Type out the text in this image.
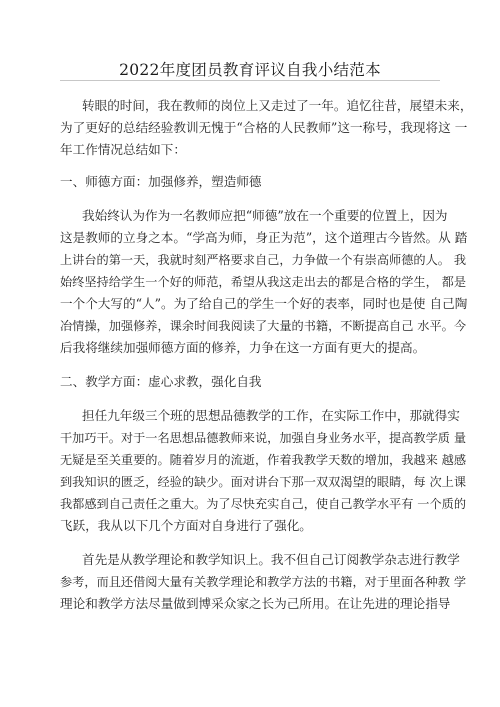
2022年度团员教育评议自我小结范本
转眼的时间，我在教师的岗位上又走过了一年。追忆往昔，展望未来，
为了更好的总结经验教训无愧于“合格的人民教师”这一称号，我现将这 一
年工作情况总结如下：
一、师德方面：加强修养，塑造师德
我始终认为作为一名教师应把“师德”放在一个重要的位置上，因为
这是教师的立身之本。“学高为师，身正为范”，这个道理古今皆然。从 踏
上讲台的第一天，我就时刻严格要求自己，力争做一个有崇高师德的人。 我
始终坚持给学生一个好的师范，希望从我这走出去的都是合格的学生， 都是
一个个大写的“人”。为了给自己的学生一个好的表率，同时也是使 自己陶
冶情操，加强修养，课余时间我阅读了大量的书籍，不断提高自己 水平。今
后我将继续加强师德方面的修养，力争在这一方面有更大的提高。
二、教学方面：虚心求教，强化自我
担任九年级三个班的思想品德教学的工作，在实际工作中，那就得实
干加巧干。对于一名思想品德教师来说，加强自身业务水平，提高教学质 量
无疑是至关重要的。随着岁月的流逝，作着我教学天数的增加，我越来 越感
到我知识的匮乏，经验的缺少。面对讲台下那一双双渴望的眼睛，每 次上课
我都感到自己责任之重大。为了尽快充实自己，使自己教学水平有 一个质的
飞跃，我从以下几个方面对自身进行了强化。
首先是从教学理论和教学知识上。我不但自己订阅教学杂志进行教学
参考，而且还借阅大量有关教学理论和教学方法的书籍，对于里面各种教 学
理论和教学方法尽量做到博采众家之长为己所用。在让先进的理论指导
